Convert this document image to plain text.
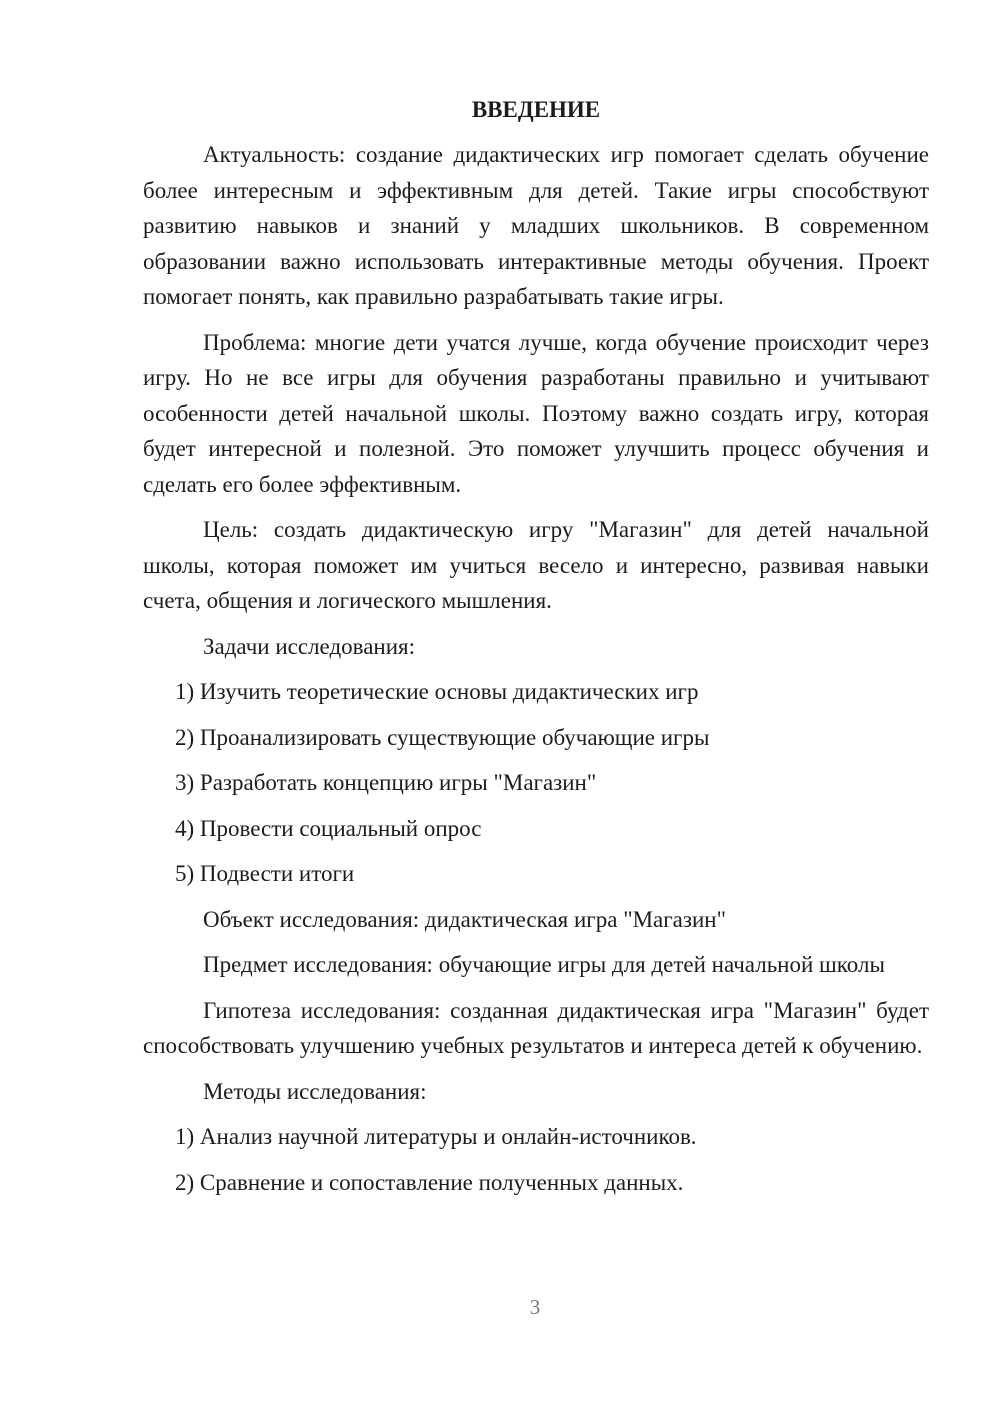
ВВЕДЕНИЕ

Актуальность: создание дидактических игр помогает сделать обучение более интересным и эффективным для детей. Такие игры способствуют развитию навыков и знаний у младших школьников. В современном образовании важно использовать интерактивные методы обучения. Проект помогает понять, как правильно разрабатывать такие игры.

Проблема: многие дети учатся лучше, когда обучение происходит через игру. Но не все игры для обучения разработаны правильно и учитывают особенности детей начальной школы. Поэтому важно создать игру, которая будет интересной и полезной. Это поможет улучшить процесс обучения и сделать его более эффективным.

Цель: создать дидактическую игру "Магазин" для детей начальной школы, которая поможет им учиться весело и интересно, развивая навыки счета, общения и логического мышления.

Задачи исследования:

1) Изучить теоретические основы дидактических игр
2) Проанализировать существующие обучающие игры
3) Разработать концепцию игры "Магазин"
4) Провести социальный опрос
5) Подвести итоги

Объект исследования: дидактическая игра "Магазин"

Предмет исследования: обучающие игры для детей начальной школы

Гипотеза исследования: созданная дидактическая игра "Магазин" будет способствовать улучшению учебных результатов и интереса детей к обучению.

Методы исследования:

1) Анализ научной литературы и онлайн-источников.
2) Сравнение и сопоставление полученных данных.
3
